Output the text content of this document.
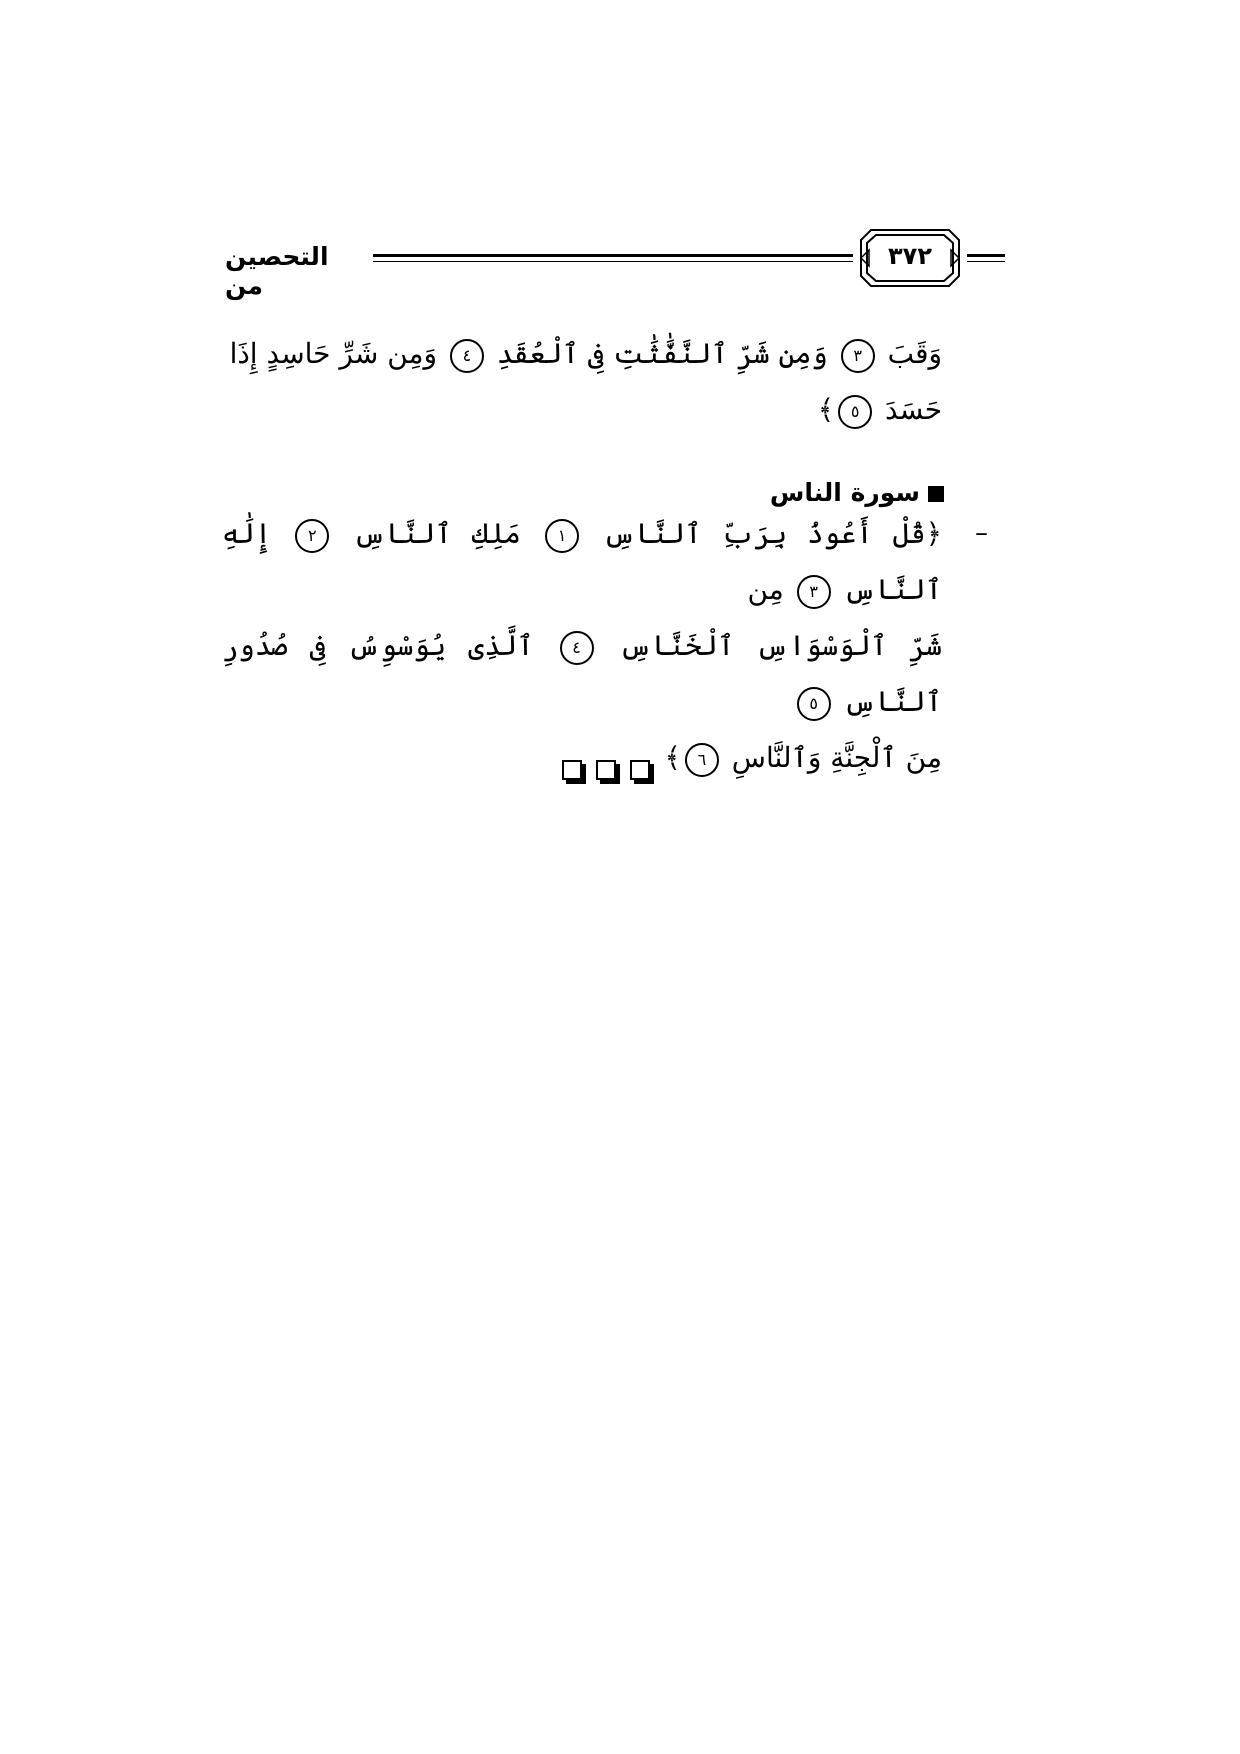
التحصين من
٣٧٢
وَقَبَ ٣ وَمِن شَرِّ ٱلنَّفَّٰثَٰتِ فِى ٱلْعُقَدِ ٤ وَمِن شَرِّ حَاسِدٍ إِذَا
حَسَدَ ٥﴾
سورة الناس
–
﴿قُلْ أَعُوذُ بِرَبِّ ٱلنَّاسِ ١ مَلِكِ ٱلنَّاسِ ٢ إِلَٰهِ ٱلنَّاسِ ٣ مِن
شَرِّ ٱلْوَسْوَاسِ ٱلْخَنَّاسِ ٤ ٱلَّذِى يُوَسْوِسُ فِى صُدُورِ ٱلنَّاسِ ٥
مِنَ ٱلْجِنَّةِ وَٱلنَّاسِ ٦﴾
